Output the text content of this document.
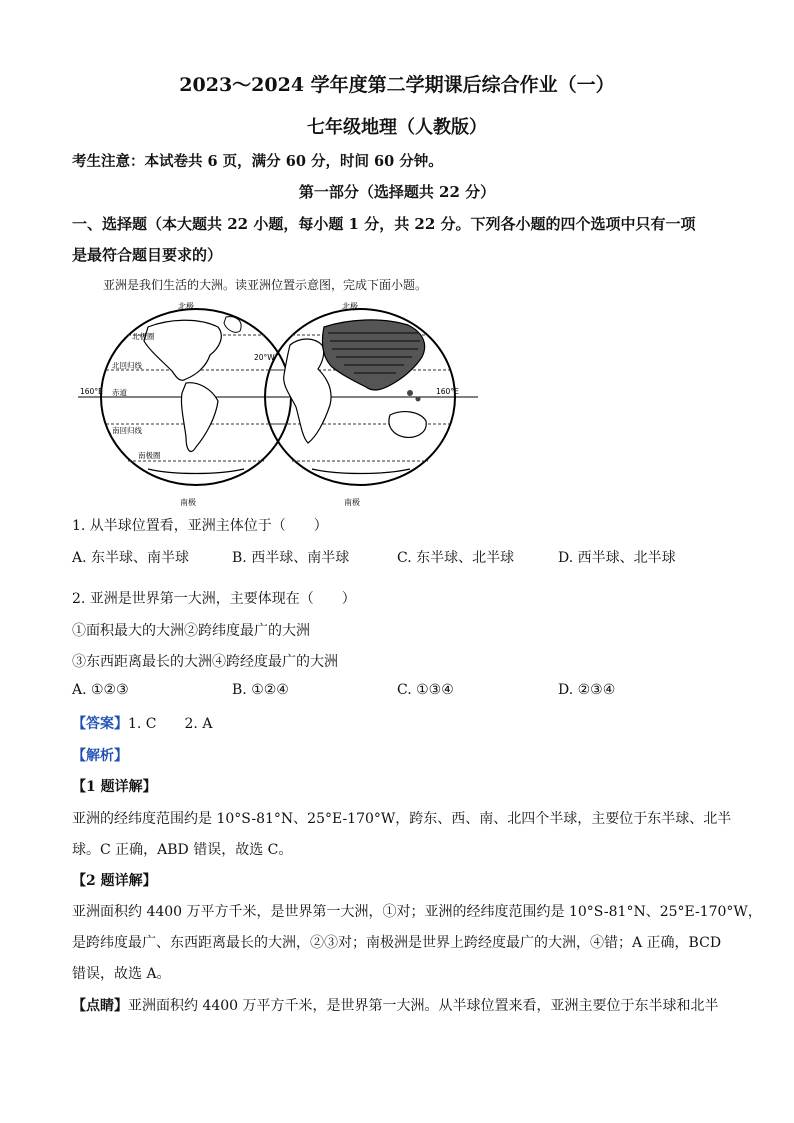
2023～2024 学年度第二学期课后综合作业（一）
七年级地理（人教版）
考生注意：本试卷共 6 页，满分 60 分，时间 60 分钟。
第一部分（选择题共 22 分）
一、选择题（本大题共 22 小题，每小题 1 分，共 22 分。下列各小题的四个选项中只有一项
是最符合题目要求的）
亚洲是我们生活的大洲。读亚洲位置示意图，完成下面小题。
北极	北极
南极	南极
北极圈
北回归线
赤道
南回归线
南极圈
20°W
160°E	160°E
1. 从半球位置看，亚洲主体位于（　　）
A. 东半球、南半球	B. 西半球、南半球	C. 东半球、北半球	D. 西半球、北半球
2. 亚洲是世界第一大洲，主要体现在（　　）
①面积最大的大洲②跨纬度最广的大洲
③东西距离最长的大洲④跨经度最广的大洲
A. ①②③	B. ①②④	C. ①③④	D. ②③④
【答案】1. C　　2. A
【解析】
【1 题详解】
亚洲的经纬度范围约是 10°S-81°N、25°E-170°W，跨东、西、南、北四个半球，主要位于东半球、北半
球。C 正确，ABD 错误，故选 C。
【2 题详解】
亚洲面积约 4400 万平方千米，是世界第一大洲，①对；亚洲的经纬度范围约是 10°S-81°N、25°E-170°W，
是跨纬度最广、东西距离最长的大洲，②③对；南极洲是世界上跨经度最广的大洲，④错；A 正确，BCD
错误，故选 A。
【点睛】亚洲面积约 4400 万平方千米，是世界第一大洲。从半球位置来看，亚洲主要位于东半球和北半
